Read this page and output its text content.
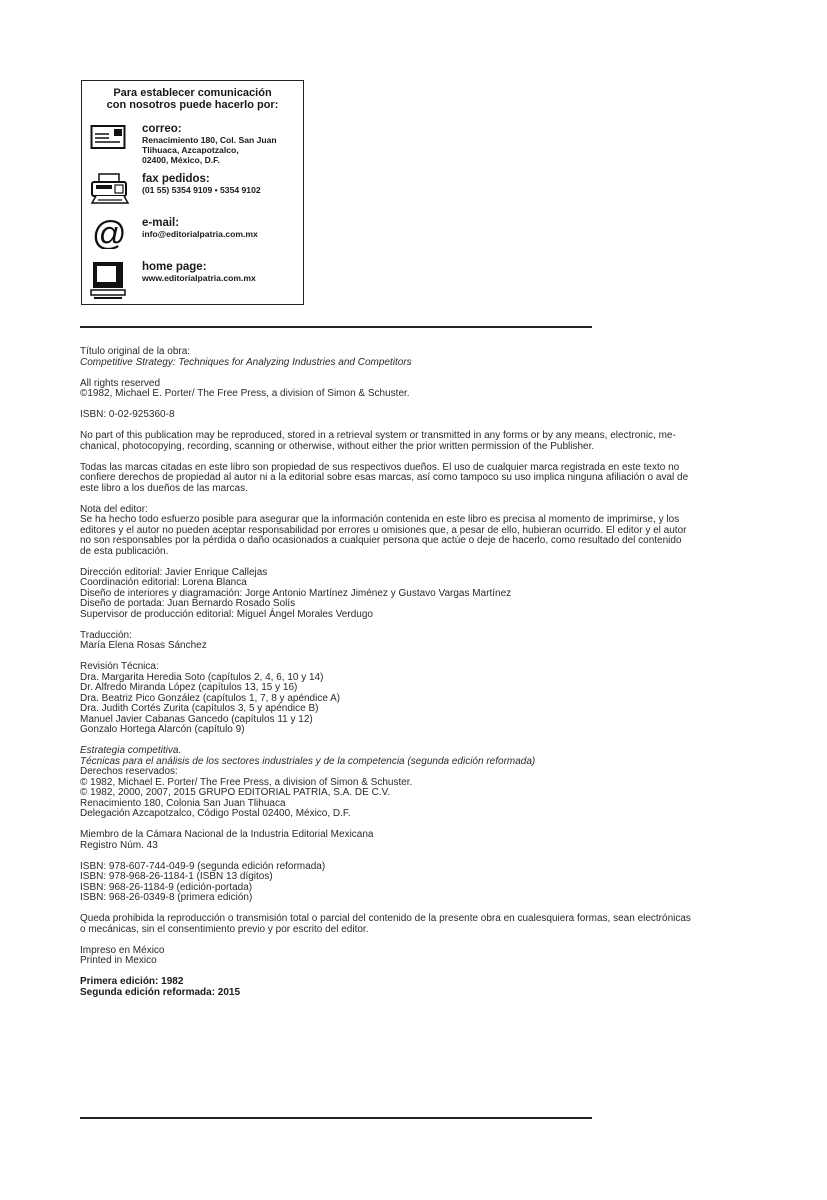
Para establecer comunicación
con nosotros puede hacerlo por:
correo:
Renacimiento 180, Col. San Juan
Tlihuaca, Azcapotzalco,
02400, México, D.F.
fax pedidos:
(01 55) 5354 9109 • 5354 9102
@ e-mail:
info@editorialpatria.com.mx
home page:
www.editorialpatria.com.mx

Título original de la obra:
Competitive Strategy: Techniques for Analyzing Industries and Competitors

All rights reserved
©1982, Michael E. Porter/ The Free Press, a division of Simon & Schuster.

ISBN: 0-02-925360-8

No part of this publication may be reproduced, stored in a retrieval system or transmitted in any forms or by any means, electronic, me-
chanical, photocopying, recording, scanning or otherwise, without either the prior written permission of the Publisher.

Todas las marcas citadas en este libro son propiedad de sus respectivos dueños. El uso de cualquier marca registrada en este texto no
confiere derechos de propiedad al autor ni a la editorial sobre esas marcas, así como tampoco su uso implica ninguna afiliación o aval de
este libro a los dueños de las marcas.

Nota del editor:
Se ha hecho todo esfuerzo posible para asegurar que la información contenida en este libro es precisa al momento de imprimirse, y los
editores y el autor no pueden aceptar responsabilidad por errores u omisiones que, a pesar de ello, hubieran ocurrido. El editor y el autor
no son responsables por la pérdida o daño ocasionados a cualquier persona que actúe o deje de hacerlo, como resultado del contenido
de esta publicación.

Dirección editorial: Javier Enrique Callejas
Coordinación editorial: Lorena Blanca
Diseño de interiores y diagramación: Jorge Antonio Martínez Jiménez y Gustavo Vargas Martínez
Diseño de portada: Juan Bernardo Rosado Solís
Supervisor de producción editorial: Miguel Ángel Morales Verdugo

Traducción:
María Elena Rosas Sánchez

Revisión Técnica:
Dra. Margarita Heredia Soto (capítulos 2, 4, 6, 10 y 14)
Dr. Alfredo Miranda López (capítulos 13, 15 y 16)
Dra. Beatriz Pico González (capítulos 1, 7, 8 y apéndice A)
Dra. Judith Cortés Zurita (capítulos 3, 5 y apéndice B)
Manuel Javier Cabanas Gancedo (capítulos 11 y 12)
Gonzalo Hortega Alarcón (capítulo 9)

Estrategia competitiva.
Técnicas para el análisis de los sectores industriales y de la competencia (segunda edición reformada)
Derechos reservados:
© 1982, Michael E. Porter/ The Free Press, a division of Simon & Schuster.
© 1982, 2000, 2007, 2015 GRUPO EDITORIAL PATRIA, S.A. DE C.V.
Renacimiento 180, Colonia San Juan Tlihuaca
Delegación Azcapotzalco, Código Postal 02400, México, D.F.

Miembro de la Cámara Nacional de la Industria Editorial Mexicana
Registro Núm. 43

ISBN: 978-607-744-049-9 (segunda edición reformada)
ISBN: 978-968-26-1184-1 (ISBN 13 dígitos)
ISBN: 968-26-1184-9 (edición-portada)
ISBN: 968-26-0349-8 (primera edición)

Queda prohibida la reproducción o transmisión total o parcial del contenido de la presente obra en cualesquiera formas, sean electrónicas
o mecánicas, sin el consentimiento previo y por escrito del editor.

Impreso en México
Printed in Mexico

Primera edición: 1982
Segunda edición reformada: 2015
